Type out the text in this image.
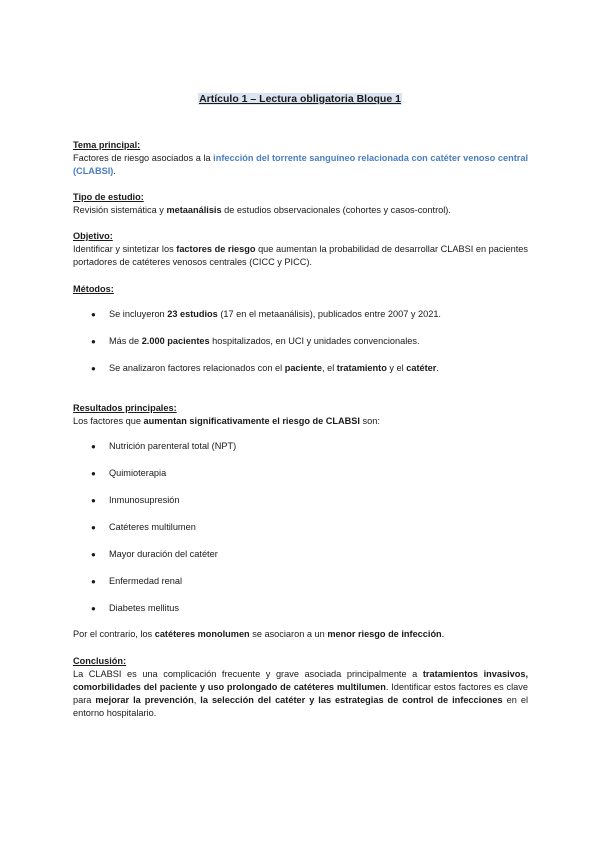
Artículo 1 – Lectura obligatoria Bloque 1
Tema principal:
Factores de riesgo asociados a la infección del torrente sanguíneo relacionada con catéter venoso central (CLABSI).
Tipo de estudio:
Revisión sistemática y metaanálisis de estudios observacionales (cohortes y casos-control).
Objetivo:
Identificar y sintetizar los factores de riesgo que aumentan la probabilidad de desarrollar CLABSI en pacientes portadores de catéteres venosos centrales (CICC y PICC).
Métodos:
● Se incluyeron 23 estudios (17 en el metaanálisis), publicados entre 2007 y 2021.
● Más de 2.000 pacientes hospitalizados, en UCI y unidades convencionales.
● Se analizaron factores relacionados con el paciente, el tratamiento y el catéter.
Resultados principales:
Los factores que aumentan significativamente el riesgo de CLABSI son:
● Nutrición parenteral total (NPT)
● Quimioterapia
● Inmunosupresión
● Catéteres multilumen
● Mayor duración del catéter
● Enfermedad renal
● Diabetes mellitus
Por el contrario, los catéteres monolumen se asociaron a un menor riesgo de infección.
Conclusión:
La CLABSI es una complicación frecuente y grave asociada principalmente a tratamientos invasivos, comorbilidades del paciente y uso prolongado de catéteres multilumen. Identificar estos factores es clave para mejorar la prevención, la selección del catéter y las estrategias de control de infecciones en el entorno hospitalario.
